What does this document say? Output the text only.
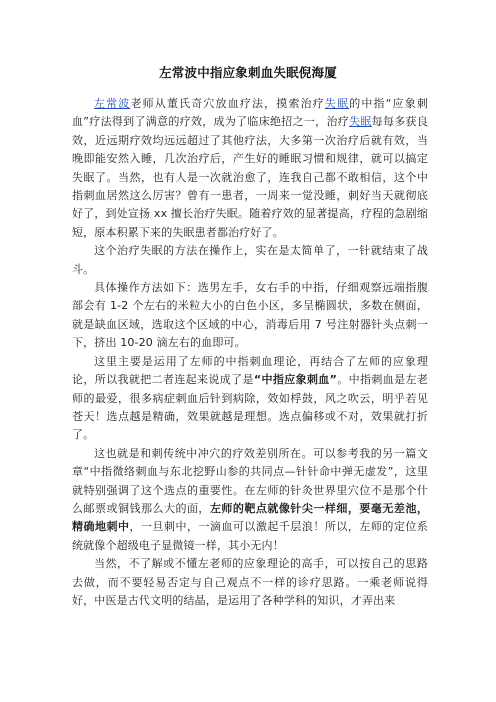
左常波中指应象刺血失眠倪海厦

左常波老师从董氏奇穴放血疗法，摸索治疗失眠的中指“应象刺血”疗法得到了满意的疗效，成为了临床绝招之一，治疗失眠每每多获良效，近远期疗效均远远超过了其他疗法，大多第一次治疗后就有效，当晚即能安然入睡，几次治疗后，产生好的睡眠习惯和规律，就可以搞定失眠了。当然，也有人是一次就治愈了，连我自己都不敢相信，这个中指刺血居然这么厉害？曾有一患者，一周来一觉没睡，刺好当天就彻底好了，到处宣扬 xx 擅长治疗失眠。随着疗效的显著提高，疗程的急剧缩短，原本积累下来的失眠患者都治疗好了。

这个治疗失眠的方法在操作上，实在是太简单了，一针就结束了战斗。

具体操作方法如下：选男左手，女右手的中指，仔细观察远端指腹部会有 1-2 个左右的米粒大小的白色小区，多呈椭圆状，多数在侧面，就是缺血区域，选取这个区域的中心，消毒后用 7 号注射器针头点刺一下，挤出 10-20 滴左右的血即可。

这里主要是运用了左师的中指刺血理论，再结合了左师的应象理论，所以我就把二者连起来说成了是“中指应象刺血”。中指刺血是左老师的最爱，很多病症刺血后针到病除，效如桴鼓，风之吹云，明乎若见苍天！选点越是精确，效果就越是理想。选点偏移或不对，效果就打折了。

这也就是和刺传统中冲穴的疗效差别所在。可以参考我的另一篇文章“中指微络刺血与东北挖野山参的共同点—针针命中弹无虚发”，这里就特别强调了这个选点的重要性。在左师的针灸世界里穴位不是那个什么邮票或铜钱那么大的面，左师的靶点就像针尖一样细，要毫无差池，精确地刺中，一旦刺中，一滴血可以激起千层浪！所以，左师的定位系统就像个超级电子显微镜一样，其小无内！

当然，不了解或不懂左老师的应象理论的高手，可以按自己的思路去做，而不要轻易否定与自己观点不一样的诊疗思路。一乘老师说得好，中医是古代文明的结晶，是运用了各种学科的知识，才弄出来
